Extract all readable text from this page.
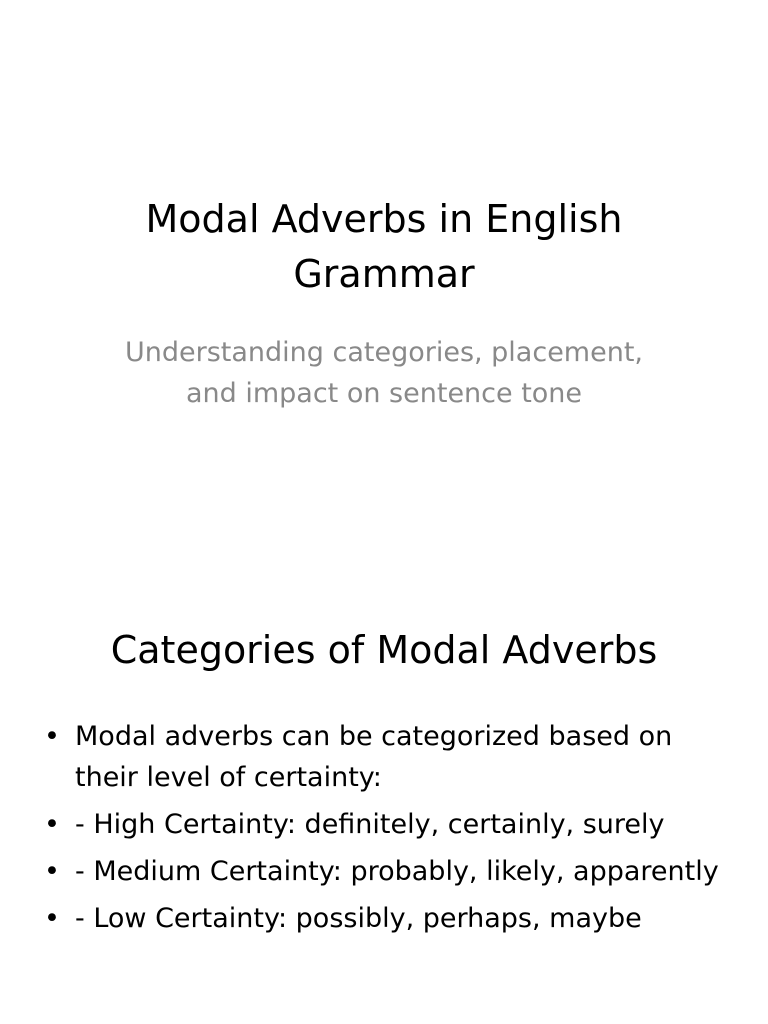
Modal Adverbs in English Grammar

Understanding categories, placement, and impact on sentence tone

Categories of Modal Adverbs
• Modal adverbs can be categorized based on their level of certainty:
• - High Certainty: definitely, certainly, surely
• - Medium Certainty: probably, likely, apparently
• - Low Certainty: possibly, perhaps, maybe
